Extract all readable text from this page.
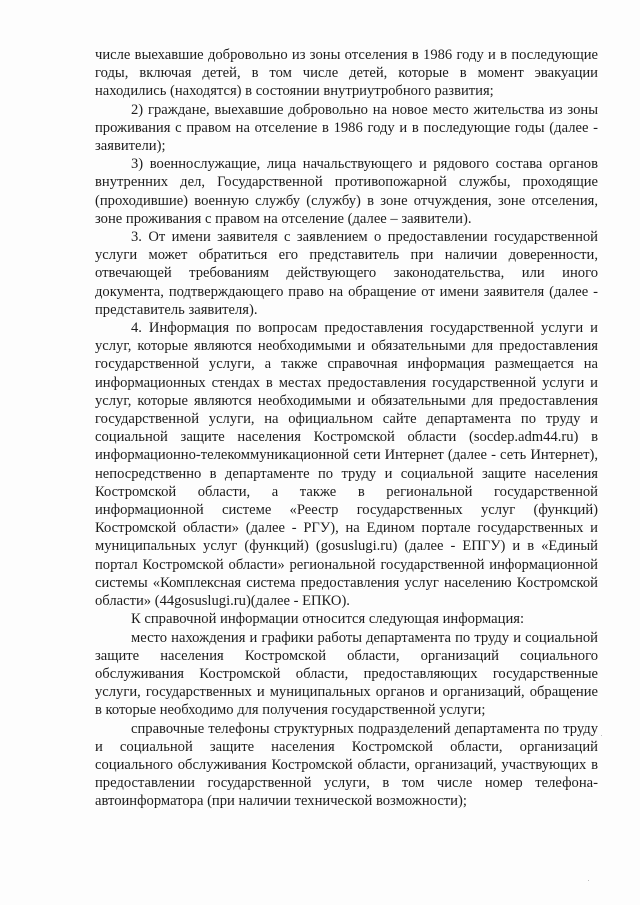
числе выехавшие добровольно из зоны отселения в 1986 году и в последующие годы, включая детей, в том числе детей, которые в момент эвакуации находились (находятся) в состоянии внутриутробного развития;

2) граждане, выехавшие добровольно на новое место жительства из зоны проживания с правом на отселение в 1986 году и в последующие годы (далее - заявители);

3) военнослужащие, лица начальствующего и рядового состава органов внутренних дел, Государственной противопожарной службы, проходящие (проходившие) военную службу (службу) в зоне отчуждения, зоне отселения, зоне проживания с правом на отселение (далее – заявители).

3. От имени заявителя с заявлением о предоставлении государственной услуги может обратиться его представитель при наличии доверенности, отвечающей требованиям действующего законодательства, или иного документа, подтверждающего право на обращение от имени заявителя (далее - представитель заявителя).

4. Информация по вопросам предоставления государственной услуги и услуг, которые являются необходимыми и обязательными для предоставления государственной услуги, а также справочная информация размещается на информационных стендах в местах предоставления государственной услуги и услуг, которые являются необходимыми и обязательными для предоставления государственной услуги, на официальном сайте департамента по труду и социальной защите населения Костромской области (socdep.adm44.ru) в информационно-телекоммуникационной сети Интернет (далее - сеть Интернет), непосредственно в департаменте по труду и социальной защите населения Костромской области, а также в региональной государственной информационной системе «Реестр государственных услуг (функций) Костромской области» (далее - РГУ), на Едином портале государственных и муниципальных услуг (функций) (gosuslugi.ru) (далее - ЕПГУ) и в «Единый портал Костромской области» региональной государственной информационной системы «Комплексная система предоставления услуг населению Костромской области» (44gosuslugi.ru)(далее - ЕПКО).

К справочной информации относится следующая информация:

место нахождения и графики работы департамента по труду и социальной защите населения Костромской области, организаций социального обслуживания Костромской области, предоставляющих государственные услуги, государственных и муниципальных органов и организаций, обращение в которые необходимо для получения государственной услуги;

справочные телефоны структурных подразделений департамента по труду и социальной защите населения Костромской области, организаций социального обслуживания Костромской области, организаций, участвующих в предоставлении государственной услуги, в том числе номер телефона-автоинформатора (при наличии технической возможности);
